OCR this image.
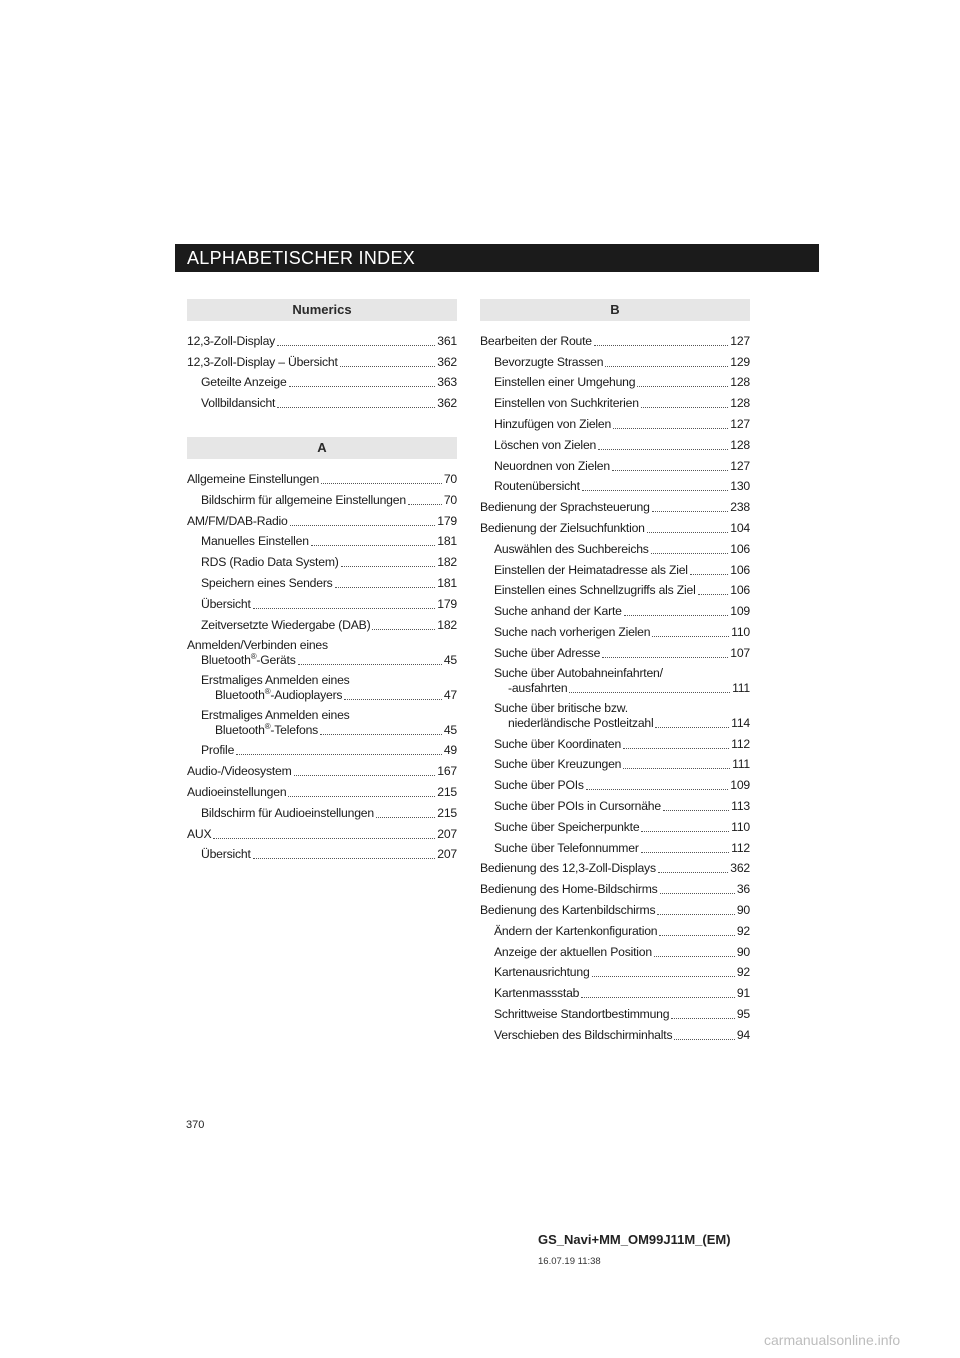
ALPHABETISCHER INDEX
Numerics
12,3-Zoll-Display	361
12,3-Zoll-Display – Übersicht	362
Geteilte Anzeige	363
Vollbildansicht	362
A
Allgemeine Einstellungen	70
Bildschirm für allgemeine Einstellungen	70
AM/FM/DAB-Radio	179
Manuelles Einstellen	181
RDS (Radio Data System)	182
Speichern eines Senders	181
Übersicht	179
Zeitversetzte Wiedergabe (DAB)	182
Anmelden/Verbinden eines
Bluetooth®-Geräts	45
Erstmaliges Anmelden eines
Bluetooth®-Audioplayers	47
Erstmaliges Anmelden eines
Bluetooth®-Telefons	45
Profile	49
Audio-/Videosystem	167
Audioeinstellungen	215
Bildschirm für Audioeinstellungen	215
AUX	207
Übersicht	207
B
Bearbeiten der Route	127
Bevorzugte Strassen	129
Einstellen einer Umgehung	128
Einstellen von Suchkriterien	128
Hinzufügen von Zielen	127
Löschen von Zielen	128
Neuordnen von Zielen	127
Routenübersicht	130
Bedienung der Sprachsteuerung	238
Bedienung der Zielsuchfunktion	104
Auswählen des Suchbereichs	106
Einstellen der Heimatadresse als Ziel	106
Einstellen eines Schnellzugriffs als Ziel	106
Suche anhand der Karte	109
Suche nach vorherigen Zielen	110
Suche über Adresse	107
Suche über Autobahneinfahrten/
-ausfahrten	111
Suche über britische bzw.
niederländische Postleitzahl	114
Suche über Koordinaten	112
Suche über Kreuzungen	111
Suche über POIs	109
Suche über POIs in Cursornähe	113
Suche über Speicherpunkte	110
Suche über Telefonnummer	112
Bedienung des 12,3-Zoll-Displays	362
Bedienung des Home-Bildschirms	36
Bedienung des Kartenbildschirms	90
Ändern der Kartenkonfiguration	92
Anzeige der aktuellen Position	90
Kartenausrichtung	92
Kartenmassstab	91
Schrittweise Standortbestimmung	95
Verschieben des Bildschirminhalts	94
370
GS_Navi+MM_OM99J11M_(EM)
16.07.19 11:38
carmanualsonline.info
